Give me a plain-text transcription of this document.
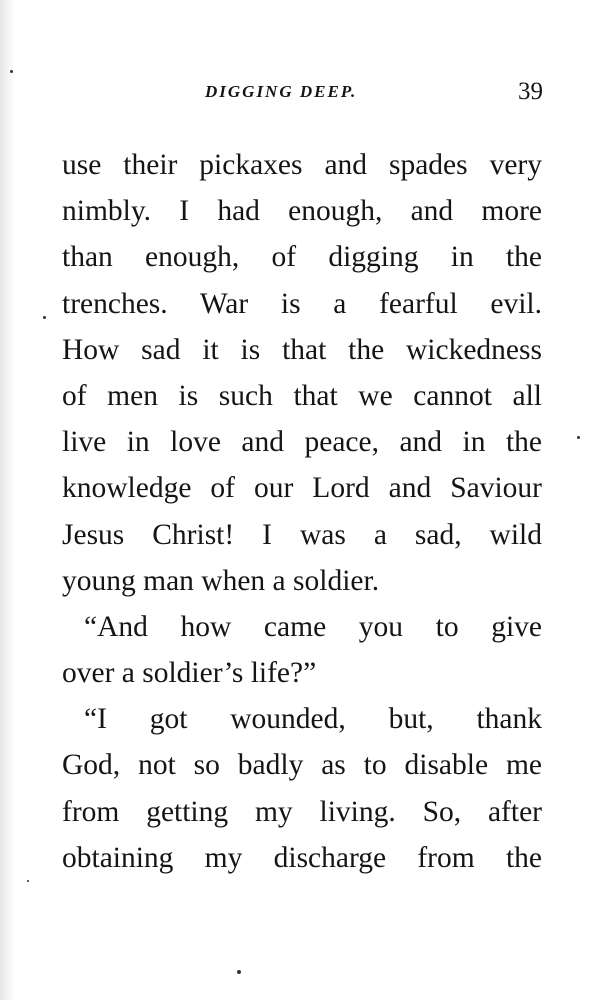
DIGGING DEEP.	39
use their pickaxes and spades very
nimbly. I had enough, and more
than enough, of digging in the
trenches. War is a fearful evil.
How sad it is that the wickedness
of men is such that we cannot all
live in love and peace, and in the
knowledge of our Lord and Saviour
Jesus Christ! I was a sad, wild
young man when a soldier.
“And how came you to give
over a soldier’s life?”
“I got wounded, but, thank
God, not so badly as to disable me
from getting my living. So, after
obtaining my discharge from the
